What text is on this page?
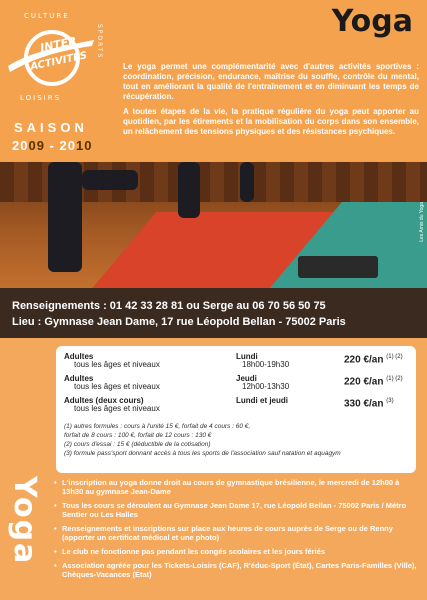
CULTURE
INTER
ACTIVITES
SPORTS
LOISIRS
SAISON
2009 - 2010
Yoga

Le yoga permet une complémentarité avec d'autres activités sportives : coordination, précision, endurance, maîtrise du souffle, contrôle du mental, tout en améliorant la qualité de l'entraînement et en diminuant les temps de récupération.

A toutes étapes de la vie, la pratique régulière du yoga peut apporter au quotidien, par les étirements et la mobilisation du corps dans son ensemble, un relâchement des tensions physiques et des résistances psychiques.

Les Amis du Yoga
Renseignements : 01 42 33 28 81 ou Serge au 06 70 56 50 75
Lieu : Gymnase Jean Dame, 17 rue Léopold Bellan - 75002 Paris
Adultes
tous les âges et niveaux
Lundi
18h00-19h30	220 €/an $^{(1) (2)}$
Adultes
tous les âges et niveaux
Jeudi
12h00-13h30	220 €/an $^{(1) (2)}$
Adultes (deux cours)
tous les âges et niveaux
Lundi et jeudi	330 €/an $^{(3)}$
(1) autres formules : cours à l'unité 15 €, forfait de 4 cours : 60 €,
forfait de 8 cours : 100 €, forfait de 12 cours : 130 €
(2) cours d'essai : 15 € (déductible de la cotisation)
(3) formule pass'sport donnant accès à tous les sports de l'association sauf natation et aquagym
Yoga
•	L'inscription au yoga donne droit au cours de gymnastique brésilienne, le mercredi de 12h00 à 13h30 au gymnase Jean-Dame
• Tous les cours se déroulent au Gymnase Jean Dame 17, rue Léopold Bellan - 75002 Paris / Métro Sentier ou Les Halles
• Renseignements et inscriptions sur place aux heures de cours auprès de Serge ou de Renny (apporter un certificat médical et une photo)
• Le club ne fonctionne pas pendant les congés scolaires et les jours fériés
• Association agréée pour les Tickets-Loisirs (CAF), R'éduc-Sport (État), Cartes Paris-Familles (Ville), Chèques-Vacances (État)
